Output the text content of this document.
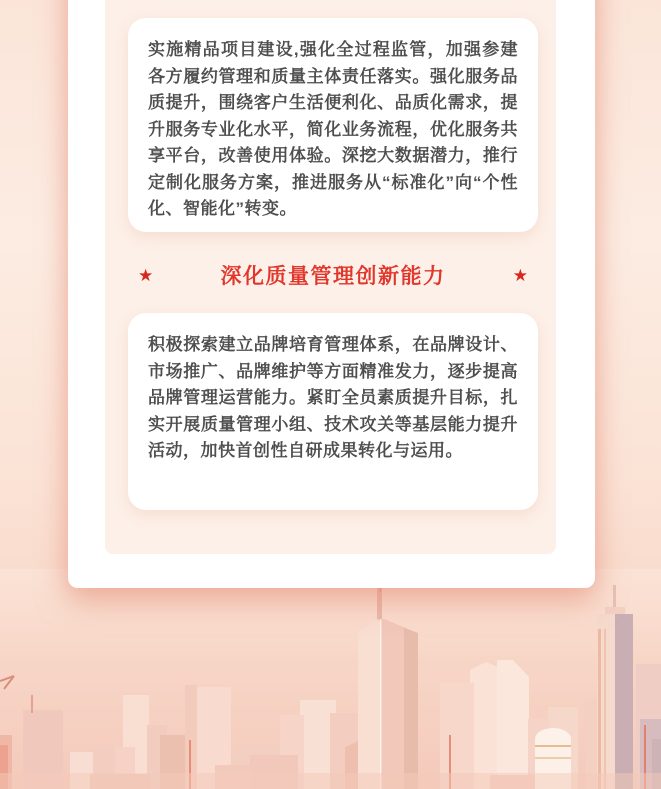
实施精品项目建设,强化全过程监管，加强参建各方履约管理和质量主体责任落实。强化服务品质提升，围绕客户生活便利化、品质化需求，提升服务专业化水平，简化业务流程，优化服务共享平台，改善使用体验。深挖大数据潜力，推行定制化服务方案，推进服务从“标准化”向“个性化、智能化”转变。

★	深化质量管理创新能力	★

积极探索建立品牌培育管理体系，在品牌设计、市场推广、品牌维护等方面精准发力，逐步提高品牌管理运营能力。紧盯全员素质提升目标，扎实开展质量管理小组、技术攻关等基层能力提升活动，加快首创性自研成果转化与运用。
